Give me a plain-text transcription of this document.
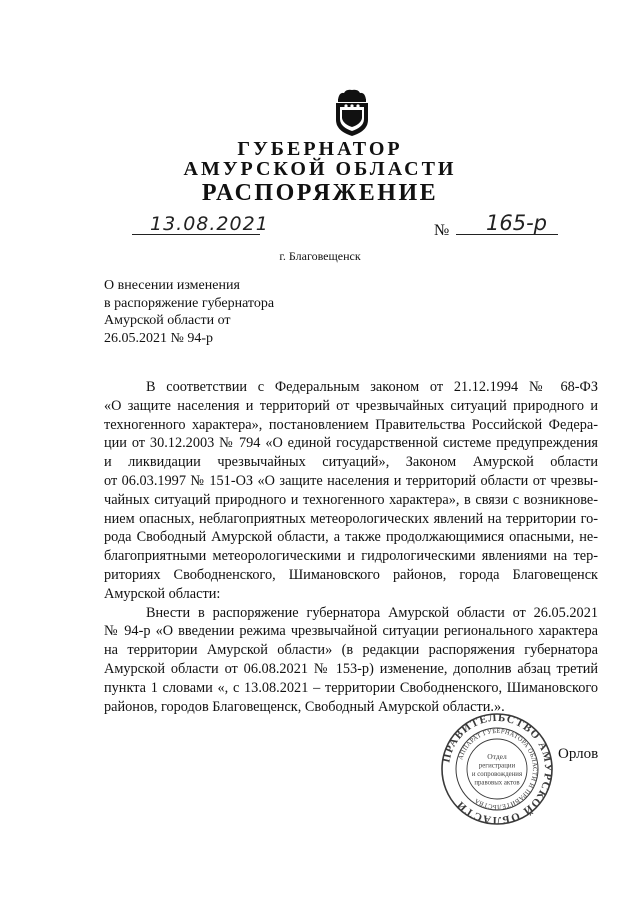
ГУБЕРНАТОР
АМУРСКОЙ ОБЛАСТИ
РАСПОРЯЖЕНИЕ
13.08.2021	№ 165-р
г. Благовещенск
О внесении изменения
в распоряжение губернатора
Амурской области от
26.05.2021 № 94-р
В соответствии с Федеральным законом от 21.12.1994 № 68-ФЗ
«О защите населения и территорий от чрезвычайных ситуаций природного и
техногенного характера», постановлением Правительства Российской Федера-
ции от 30.12.2003 № 794 «О единой государственной системе предупреждения
и ликвидации чрезвычайных ситуаций», Законом Амурской области
от 06.03.1997 № 151-ОЗ «О защите населения и территорий области от чрезвы-
чайных ситуаций природного и техногенного характера», в связи с возникнове-
нием опасных, неблагоприятных метеорологических явлений на территории го-
рода Свободный Амурской области, а также продолжающимися опасными, не-
благоприятными метеорологическими и гидрологическими явлениями на тер-
риториях Свободненского, Шимановского районов, города Благовещенск
Амурской области:
Внести в распоряжение губернатора Амурской области от 26.05.2021
№ 94-р «О введении режима чрезвычайной ситуации регионального характера
на территории Амурской области» (в редакции распоряжения губернатора
Амурской области от 06.08.2021 № 153-р) изменение, дополнив абзац третий
пункта 1 словами «, с 13.08.2021 – территории Свободненского, Шимановского
районов, городов Благовещенск, Свободный Амурской области.».
ПРАВИТЕЛЬСТВО АМУРСКОЙ ОБЛАСТИ
АППАРАТ ГУБЕРНАТОРА ОБЛАСТИ И ПРАВИТЕЛЬСТВА
Отдел
регистрации
и сопровождения
правовых актов
Орлов
